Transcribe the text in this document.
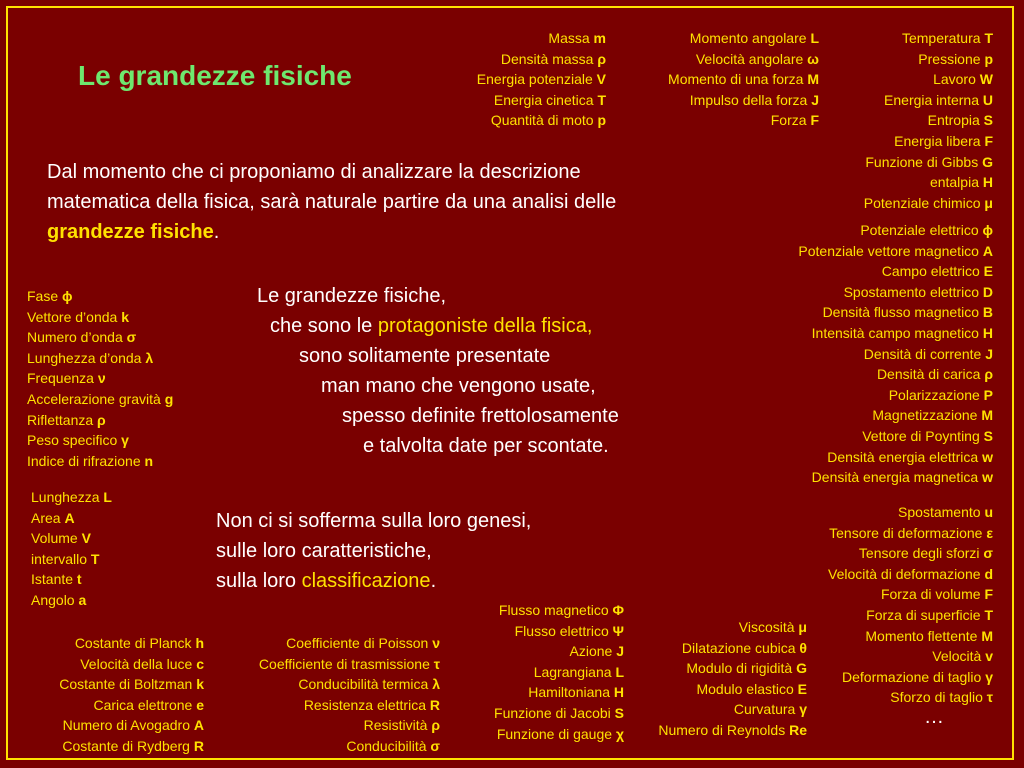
Le grandezze fisiche
Massa m
Densità massa ρ
Energia potenziale V
Energia cinetica T
Quantità di moto p
Momento angolare L
Velocità angolare ω
Momento di una forza M
Impulso della forza J
Forza F
Temperatura T
Pressione p
Lavoro W
Energia interna U
Entropia S
Energia libera F
Funzione di Gibbs G
entalpia H
Potenziale chimico μ
Dal momento che ci proponiamo di analizzare la descrizione
matematica della fisica, sarà naturale partire da una analisi delle
grandezze fisiche.	Potenziale elettrico ϕ
Potenziale vettore magnetico A
Campo elettrico E
Spostamento elettrico D
Densità flusso magnetico B
Intensità campo magnetico H
Densità di corrente J
Densità di carica ρ
Polarizzazione P
Magnetizzazione M
Vettore di Poynting S
Densità energia elettrica w
Densità energia magnetica w
Fase ϕ
Vettore d’onda k
Numero d’onda σ
Lunghezza d’onda λ
Frequenza ν
Accelerazione gravità g
Riflettanza ρ
Peso specifico γ
Indice di rifrazione n
Le grandezze fisiche,
che sono le protagoniste della fisica,
sono solitamente presentate
man mano che vengono usate,
spesso definite frettolosamente
e talvolta date per scontate.
Lunghezza L
Area A
Volume V
intervallo T
Istante t
Angolo a
Non ci si sofferma sulla loro genesi,
sulle loro caratteristiche,
sulla loro classificazione.
Spostamento u
Tensore di deformazione ε
Tensore degli sforzi σ
Velocità di deformazione d
Forza di volume F
Forza di superficie T
Momento flettente M
Velocità v
Deformazione di taglio γ
Sforzo di taglio τ
Flusso magnetico Φ
Flusso elettrico Ψ
Azione J
Lagrangiana L
Hamiltoniana H
Funzione di Jacobi S
Funzione di gauge χ
Viscosità μ
Dilatazione cubica θ
Modulo di rigidità G
Modulo elastico E
Curvatura γ
Numero di Reynolds Re
Costante di Planck h
Velocità della luce c
Costante di Boltzman k
Carica elettrone e
Numero di Avogadro A
Costante di Rydberg R
Coefficiente di Poisson ν
Coefficiente di trasmissione τ
Conducibilità termica λ
Resistenza elettrica R
Resistività ρ
Conducibilità σ
…
